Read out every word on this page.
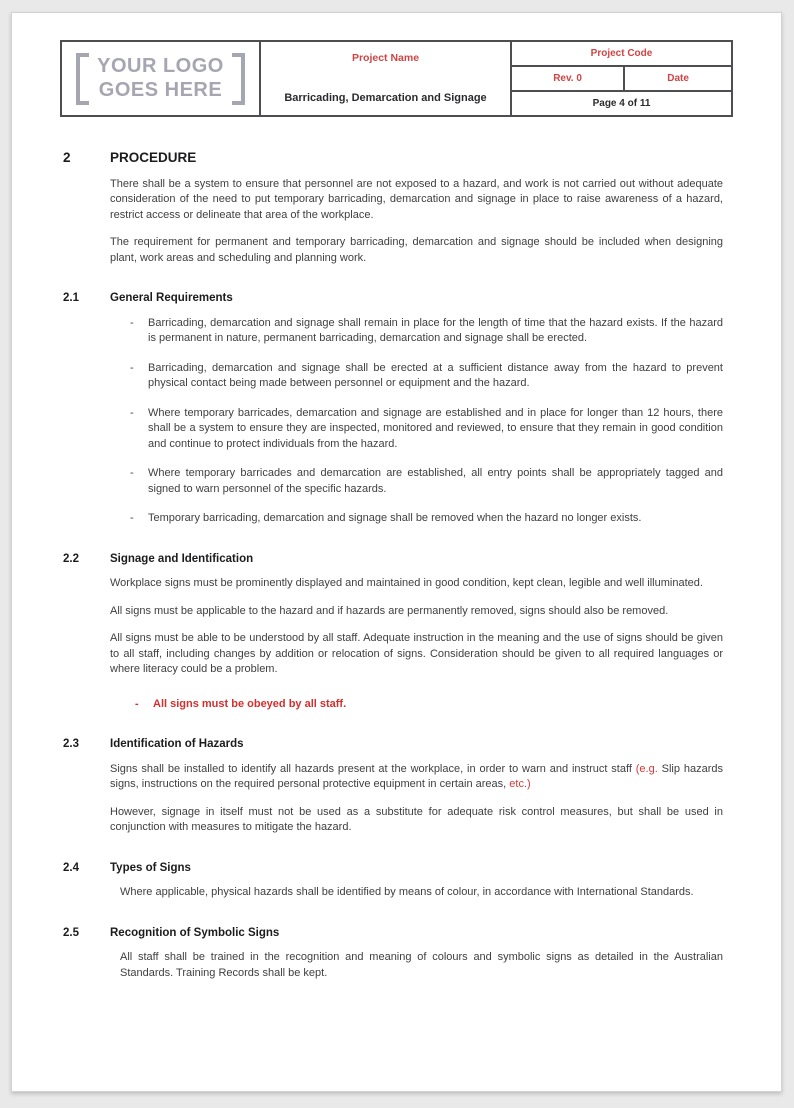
YOUR LOGO
GOES HERE
Project Name
Barricading, Demarcation and Signage
Project Code
Rev. 0	Date
Page 4 of 11
2	PROCEDURE

There shall be a system to ensure that personnel are not exposed to a hazard, and work is not carried out without adequate consideration of the need to put temporary barricading, demarcation and signage in place to raise awareness of a hazard, restrict access or delineate that area of the workplace.

The requirement for permanent and temporary barricading, demarcation and signage should be included when designing plant, work areas and scheduling and planning work.

2.1	General Requirements
-	Barricading, demarcation and signage shall remain in place for the length of time that the hazard exists. If the hazard is permanent in nature, permanent barricading, demarcation and signage shall be erected.
-	Barricading, demarcation and signage shall be erected at a sufficient distance away from the hazard to prevent physical contact being made between personnel or equipment and the hazard.
-	Where temporary barricades, demarcation and signage are established and in place for longer than 12 hours, there shall be a system to ensure they are inspected, monitored and reviewed, to ensure that they remain in good condition and continue to protect individuals from the hazard.
-	Where temporary barricades and demarcation are established, all entry points shall be appropriately tagged and signed to warn personnel of the specific hazards.
-	Temporary barricading, demarcation and signage shall be removed when the hazard no longer exists.
2.2	Signage and Identification

Workplace signs must be prominently displayed and maintained in good condition, kept clean, legible and well illuminated.

All signs must be applicable to the hazard and if hazards are permanently removed, signs should also be removed.

All signs must be able to be understood by all staff. Adequate instruction in the meaning and the use of signs should be given to all staff, including changes by addition or relocation of signs. Consideration should be given to all required languages or where literacy could be a problem.

-	All signs must be obeyed by all staff.
2.3	Identification of Hazards

Signs shall be installed to identify all hazards present at the workplace, in order to warn and instruct staff (e.g. Slip hazards signs, instructions on the required personal protective equipment in certain areas, etc.)

However, signage in itself must not be used as a substitute for adequate risk control measures, but shall be used in conjunction with measures to mitigate the hazard.

2.4	Types of Signs

Where applicable, physical hazards shall be identified by means of colour, in accordance with International Standards.

2.5	Recognition of Symbolic Signs

All staff shall be trained in the recognition and meaning of colours and symbolic signs as detailed in the Australian Standards. Training Records shall be kept.
